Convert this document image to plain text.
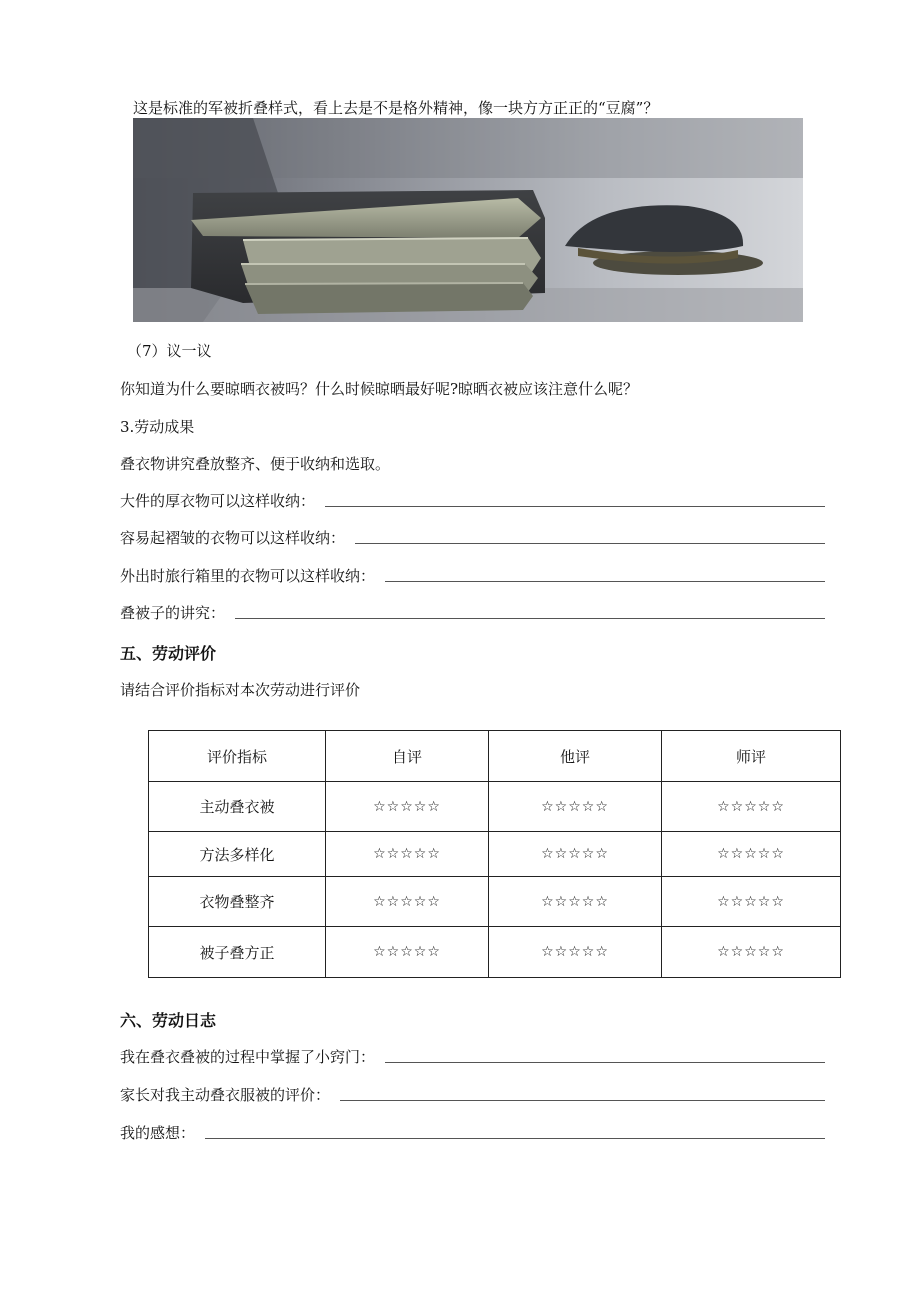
这是标准的军被折叠样式，看上去是不是格外精神，像一块方方正正的“豆腐”？
（7）议一议
你知道为什么要晾晒衣被吗？什么时候晾晒最好呢?晾晒衣被应该注意什么呢？
3.劳动成果
叠衣物讲究叠放整齐、便于收纳和选取。
大件的厚衣物可以这样收纳：
容易起褶皱的衣物可以这样收纳：
外出时旅行箱里的衣物可以这样收纳：
叠被子的讲究：
五、劳动评价
请结合评价指标对本次劳动进行评价
评价指标	自评	他评	师评
主动叠衣被	☆☆☆☆☆	☆☆☆☆☆	☆☆☆☆☆
方法多样化	☆☆☆☆☆	☆☆☆☆☆	☆☆☆☆☆
衣物叠整齐	☆☆☆☆☆	☆☆☆☆☆	☆☆☆☆☆
被子叠方正	☆☆☆☆☆	☆☆☆☆☆	☆☆☆☆☆
六、劳动日志
我在叠衣叠被的过程中掌握了小窍门：
家长对我主动叠衣服被的评价：
我的感想：
